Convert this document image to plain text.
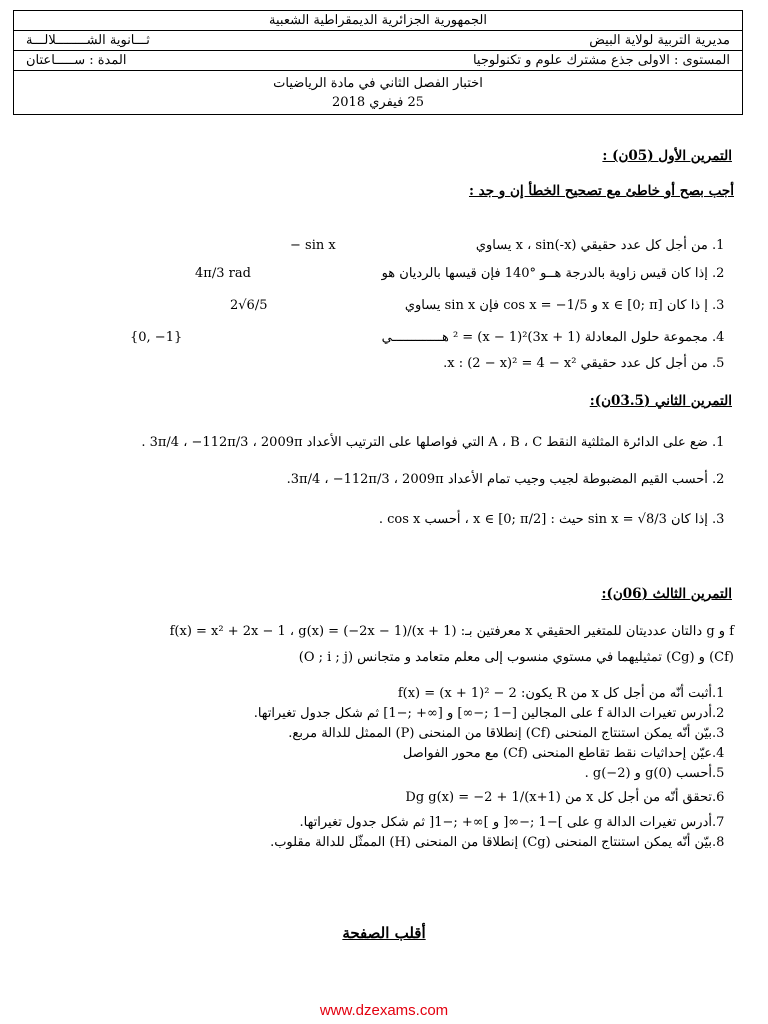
الجمهورية الجزائرية الديمقراطية الشعبية
مديرية التربية لولاية البيض
ثـــانوية الشــــــــلالـــة
المستوى : الاولى جذع مشترك علوم و تكنولوجيا
المدة : ســـــاعتان
اختبار الفصل الثاني في مادة الرياضيات
25 فيفري 2018
التمرين الأول (05ن) :
أجب بصح أو خاطئ مع تصحيح الخطأ إن و جد :
1. من أجل كل عدد حقيقي x ، sin(-x) يساوي
− sin x
2. إذا كان قيس زاوية بالدرجة هــو °140 فإن قيسها بالرديان هو
4π/3 rad
3. إ ذا كان x ∈ [0; π] و cos x = −1/5 فإن sin x يساوي
2√6/5
4. مجموعة حلول المعادلة (3x + 1)² = (x − 1)² هـــــــــــــي
{0, −1}
5. من أجل كل عدد حقيقي x : (2 − x)² = 4 − x².
التمرين الثاني (03.5ن):
1. ضع على الدائرة المثلثية النقط A ، B ، C التي فواصلها على الترتيب الأعداد 3π/4 ، −112π/3 ، 2009π .
2. أحسب القيم المضبوطة لجيب وجيب تمام الأعداد 3π/4 ، −112π/3 ، 2009π.
3. إذا كان sin x = √8/3 حيث : x ∈ [0; π/2] ، أحسب cos x .
التمرين الثالث (06ن):
f و g دالتان عدديتان للمتغير الحقيقي x معرفتين بـ: f(x) = x² + 2x − 1 ، g(x) = (−2x − 1)/(x + 1)
(Cf) و (Cg) تمثيليهما في مستوي منسوب إلى معلم متعامد و متجانس (O ; i ; j)
1.أثبت أنّه من أجل كل x من R يكون: f(x) = (x + 1)² − 2
2.أدرس تغيرات الدالة f على المجالين [−1 ;−∞] و [∞+ ;−1] ثم شكل جدول تغيراتها.
3.بيّن أنّه يمكن استنتاج المنحنى (Cf) إنطلاقا من المنحنى (P) الممثل للدالة مربع.
4.عيّن إحداثيات نقط تقاطع المنحنى (Cf) مع محور الفواصل
5.أحسب g(0) و g(−2) .
6.تحقق أنّه من أجل كل x من Dg g(x) = −2 + 1/(x+1)
7.أدرس تغيرات الدالة g على ]−1 ;−∞[ و ]∞+ ;−1[ ثم شكل جدول تغيراتها.
8.بيّن أنّه يمكن استنتاج المنحنى (Cg) إنطلاقا من المنحنى (H) الممثّل للدالة مقلوب.
أقلب الصفحة
www.dzexams.com
